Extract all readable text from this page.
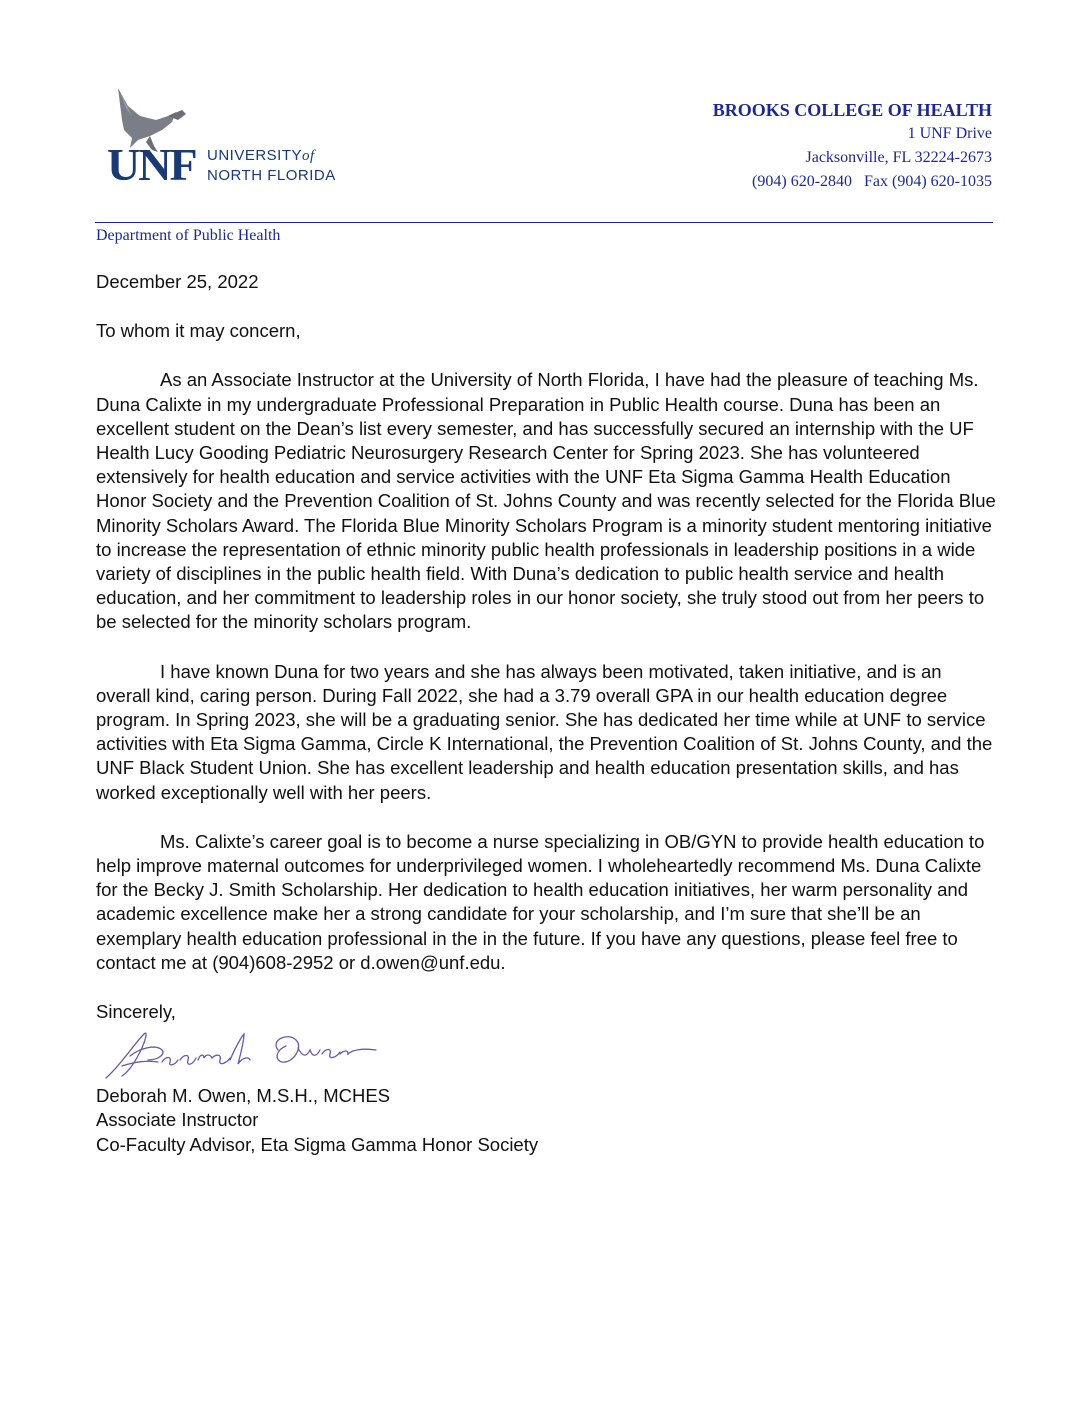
UNF UNIVERSITYof
NORTH FLORIDA
BROOKS COLLEGE OF HEALTH
1 UNF Drive
Jacksonville, FL 32224-2673
(904) 620-2840   Fax (904) 620-1035
Department of Public Health

December 25, 2022

To whom it may concern,

As an Associate Instructor at the University of North Florida, I have had the pleasure of teaching Ms. Duna Calixte in my undergraduate Professional Preparation in Public Health course. Duna has been an excellent student on the Dean’s list every semester, and has successfully secured an internship with the UF Health Lucy Gooding Pediatric Neurosurgery Research Center for Spring 2023. She has volunteered extensively for health education and service activities with the UNF Eta Sigma Gamma Health Education Honor Society and the Prevention Coalition of St. Johns County and was recently selected for the Florida Blue Minority Scholars Award. The Florida Blue Minority Scholars Program is a minority student mentoring initiative to increase the representation of ethnic minority public health professionals in leadership positions in a wide variety of disciplines in the public health field. With Duna’s dedication to public health service and health education, and her commitment to leadership roles in our honor society, she truly stood out from her peers to be selected for the minority scholars program.

I have known Duna for two years and she has always been motivated, taken initiative, and is an overall kind, caring person. During Fall 2022, she had a 3.79 overall GPA in our health education degree program. In Spring 2023, she will be a graduating senior. She has dedicated her time while at UNF to service activities with Eta Sigma Gamma, Circle K International, the Prevention Coalition of St. Johns County, and the UNF Black Student Union. She has excellent leadership and health education presentation skills, and has worked exceptionally well with her peers.

Ms. Calixte’s career goal is to become a nurse specializing in OB/GYN to provide health education to help improve maternal outcomes for underprivileged women. I wholeheartedly recommend Ms. Duna Calixte for the Becky J. Smith Scholarship. Her dedication to health education initiatives, her warm personality and academic excellence make her a strong candidate for your scholarship, and I’m sure that she’ll be an exemplary health education professional in the in the future. If you have any questions, please feel free to contact me at (904)608-2952 or d.owen@unf.edu.

Sincerely,

Deborah M. Owen, M.S.H., MCHES

Associate Instructor

Co-Faculty Advisor, Eta Sigma Gamma Honor Society
